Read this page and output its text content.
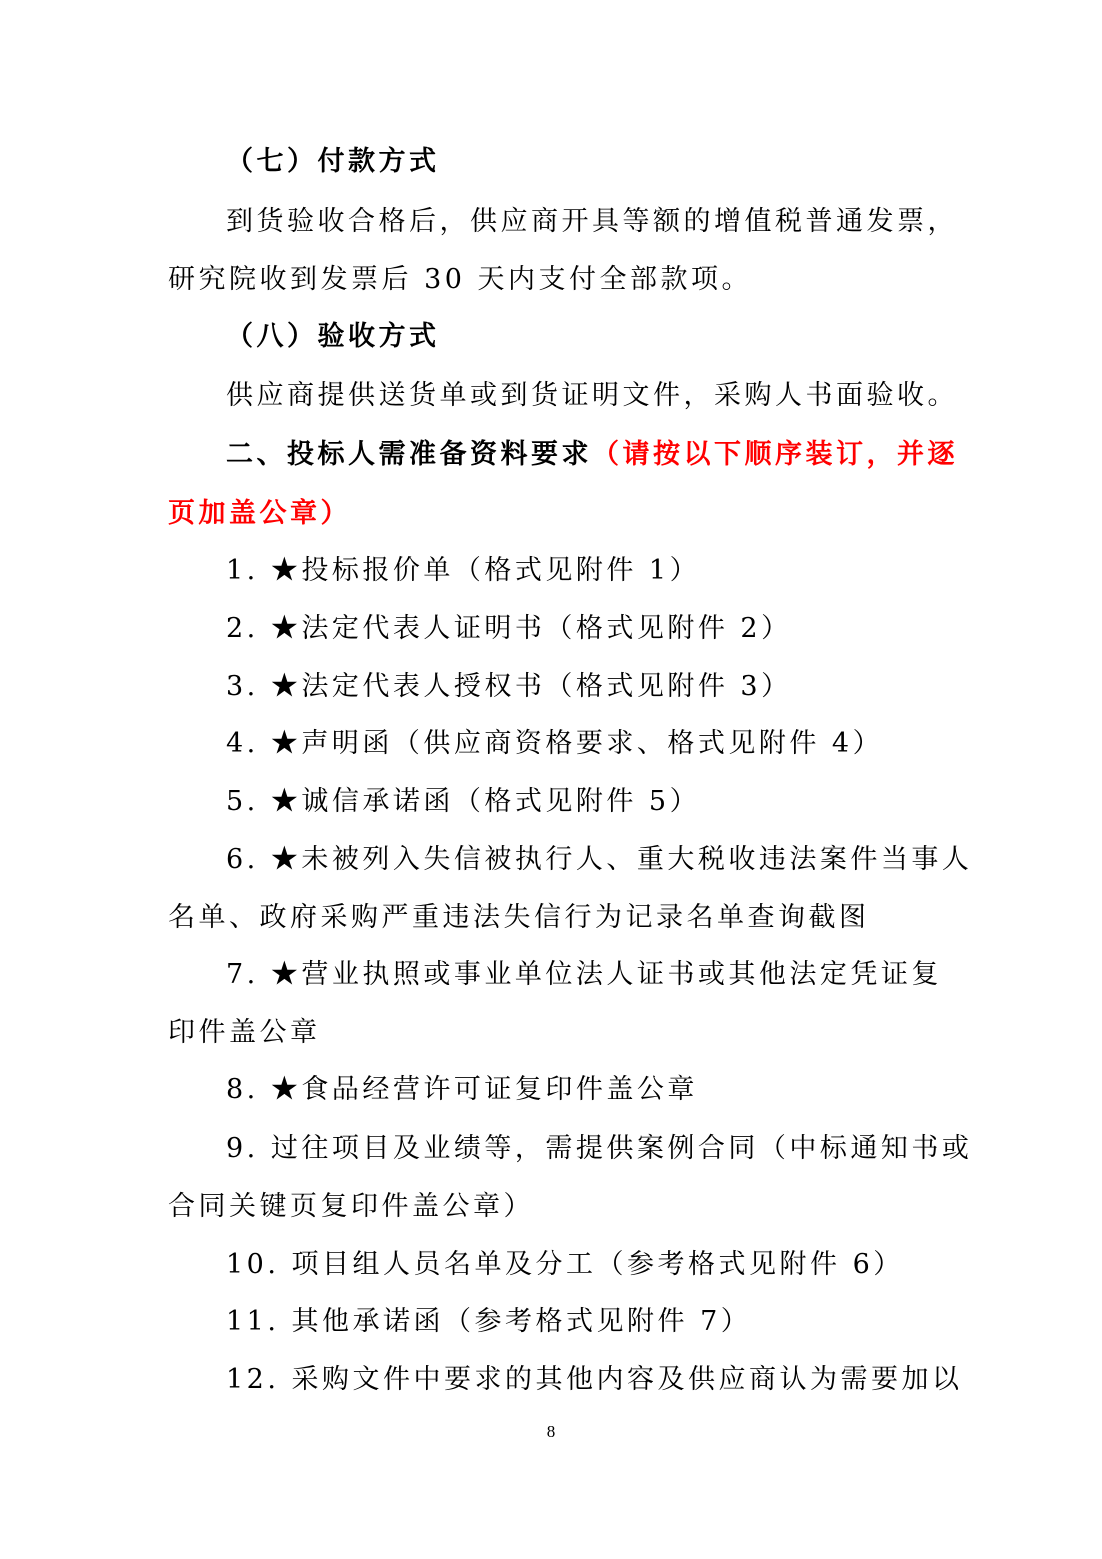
（七）付款方式
到货验收合格后，供应商开具等额的增值税普通发票，
研究院收到发票后 30 天内支付全部款项。
（八）验收方式
供应商提供送货单或到货证明文件，采购人书面验收。
二、投标人需准备资料要求（请按以下顺序装订，并逐
页加盖公章）
1. ★投标报价单（格式见附件 1）
2. ★法定代表人证明书（格式见附件 2）
3. ★法定代表人授权书（格式见附件 3）
4. ★声明函（供应商资格要求、格式见附件 4）
5. ★诚信承诺函（格式见附件 5）
6. ★未被列入失信被执行人、重大税收违法案件当事人
名单、政府采购严重违法失信行为记录名单查询截图
7. ★营业执照或事业单位法人证书或其他法定凭证复
印件盖公章
8. ★食品经营许可证复印件盖公章
9. 过往项目及业绩等，需提供案例合同（中标通知书或
合同关键页复印件盖公章）
10. 项目组人员名单及分工（参考格式见附件 6）
11. 其他承诺函（参考格式见附件 7）
12. 采购文件中要求的其他内容及供应商认为需要加以
8
